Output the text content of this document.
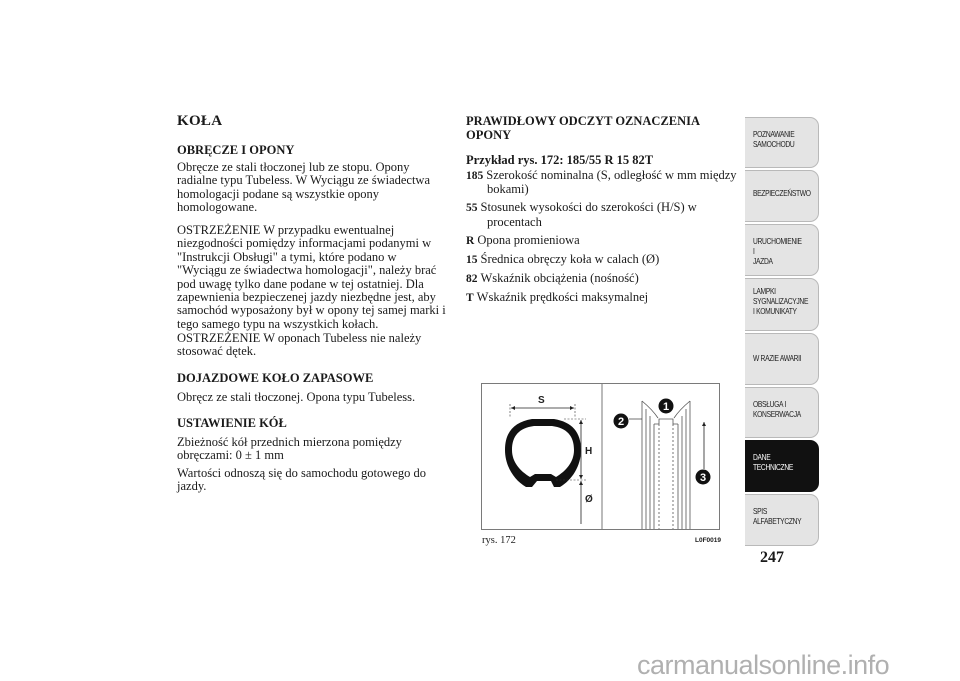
KOŁA
OBRĘCZE I OPONY

Obręcze ze stali tłoczonej lub ze stopu. Opony radialne typu Tubeless. W Wyciągu ze świadectwa homologacji podane są wszystkie opony homologowane.

OSTRZEŻENIE W przypadku ewentualnej niezgodności pomiędzy informacjami podanymi w "Instrukcji Obsługi" a tymi, które podano w "Wyciągu ze świadectwa homologacji", należy brać pod uwagę tylko dane podane w tej ostatniej. Dla zapewnienia bezpieczenej jazdy niezbędne jest, aby samochód wyposażony był w opony tej samej marki i tego samego typu na wszystkich kołach.

OSTRZEŻENIE W oponach Tubeless nie należy stosować dętek.

DOJAZDOWE KOŁO ZAPASOWE

Obręcz ze stali tłoczonej. Opona typu Tubeless.

USTAWIENIE KÓŁ

Zbieżność kół przednich mierzona pomiędzy obręczami: 0 ± 1 mm

Wartości odnoszą się do samochodu gotowego do jazdy.

PRAWIDŁOWY ODCZYT OZNACZENIA OPONY
Przykład rys. 172: 185/55 R 15 82T
185 Szerokość nominalna (S, odległość w mm między bokami)
55 Stosunek wysokości do szerokości (H/S) w procentach
R Opona promieniowa
15 Średnica obręczy koła w calach (Ø)
82 Wskaźnik obciążenia (nośność)
T Wskaźnik prędkości maksymalnej
S
H
Ø
1
2
3
rys. 172	L0F0019
POZNAWANIE
SAMOCHODU
BEZPIECZEŃSTWO
URUCHOMIENIE I
JAZDA
LAMPKI
SYGNALIZACYJNE
I KOMUNIKATY
W RAZIE AWARII
OBSŁUGA I
KONSERWACJA
DANE
TECHNICZNE
SPIS
ALFABETYCZNY
247
carmanualsonline.info
